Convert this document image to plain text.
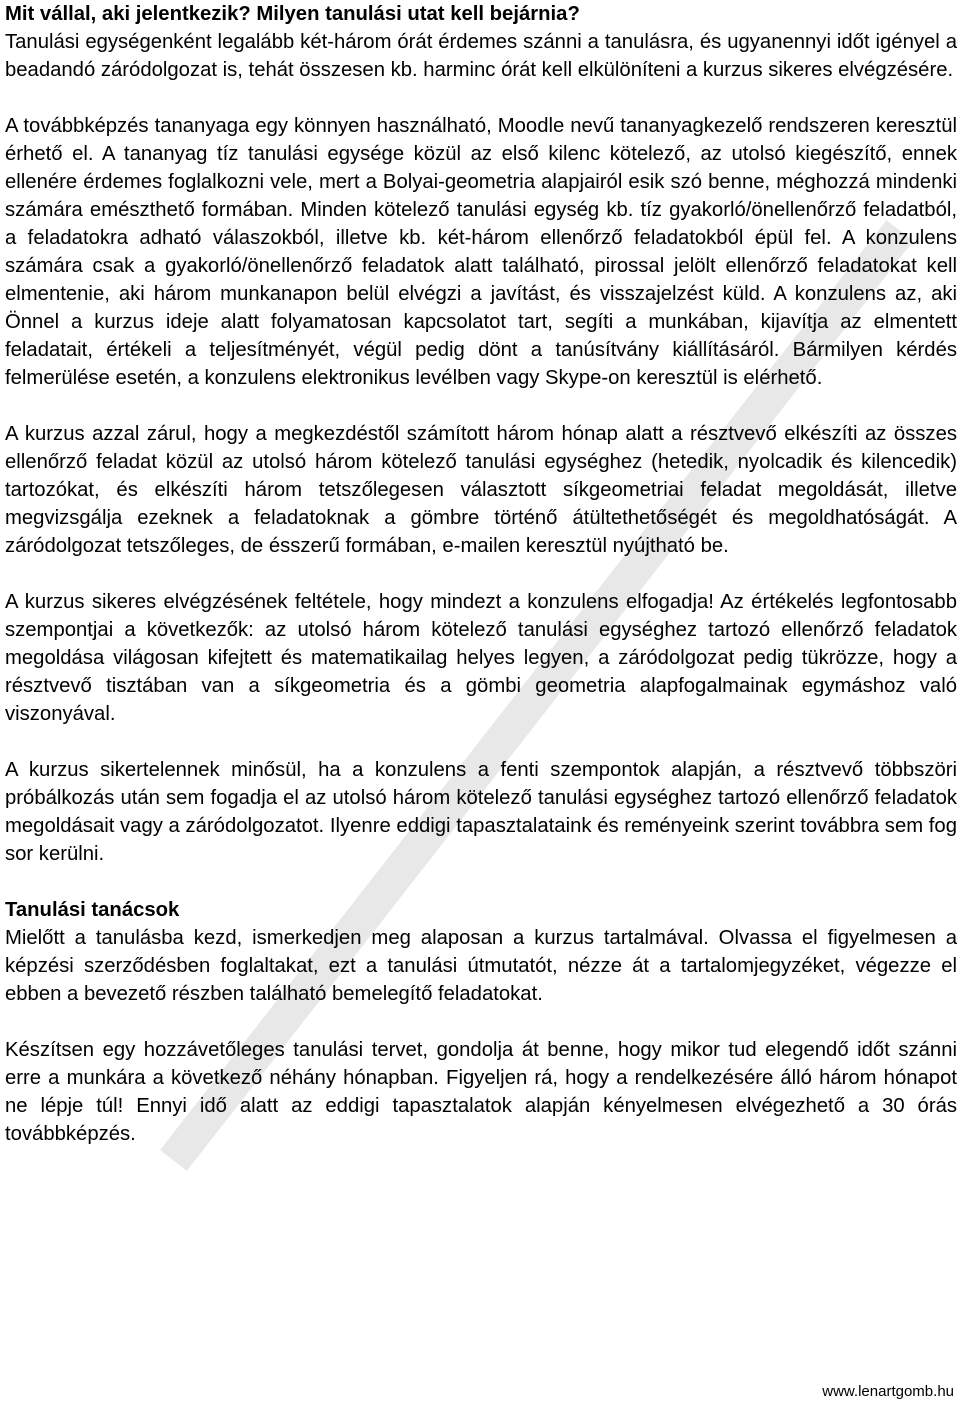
Mit vállal, aki jelentkezik? Milyen tanulási utat kell bejárnia?

Tanulási egységenként legalább két-három órát érdemes szánni a tanulásra, és ugyanennyi időt igényel a beadandó záródolgozat is, tehát összesen kb. harminc órát kell elkülöníteni a kurzus sikeres elvégzésére.

A továbbképzés tananyaga egy könnyen használható, Moodle nevű tananyagkezelő rendszeren keresztül érhető el. A tananyag tíz tanulási egysége közül az első kilenc kötelező, az utolsó kiegészítő, ennek ellenére érdemes foglalkozni vele, mert a Bolyai-geometria alapjairól esik szó benne, méghozzá mindenki számára emészthető formában. Minden kötelező tanulási egység kb. tíz gyakorló/önellenőrző feladatból, a feladatokra adható válaszokból, illetve kb. két-három ellenőrző feladatokból épül fel. A konzulens számára csak a gyakorló/önellenőrző feladatok alatt található, pirossal jelölt ellenőrző feladatokat kell elmentenie, aki három munkanapon belül elvégzi a javítást, és visszajelzést küld. A konzulens az, aki Önnel a kurzus ideje alatt folyamatosan kapcsolatot tart, segíti a munkában, kijavítja az elmentett feladatait, értékeli a teljesítményét, végül pedig dönt a tanúsítvány kiállításáról. Bármilyen kérdés felmerülése esetén, a konzulens elektronikus levélben vagy Skype-on keresztül is elérhető.

A kurzus azzal zárul, hogy a megkezdéstől számított három hónap alatt a résztvevő elkészíti az összes ellenőrző feladat közül az utolsó három kötelező tanulási egységhez (hetedik, nyolcadik és kilencedik) tartozókat, és elkészíti három tetszőlegesen választott síkgeometriai feladat megoldását, illetve megvizsgálja ezeknek a feladatoknak a gömbre történő átültethetőségét és megoldhatóságát. A záródolgozat tetszőleges, de ésszerű formában, e-mailen keresztül nyújtható be.

A kurzus sikeres elvégzésének feltétele, hogy mindezt a konzulens elfogadja! Az értékelés legfontosabb szempontjai a következők: az utolsó három kötelező tanulási egységhez tartozó ellenőrző feladatok megoldása világosan kifejtett és matematikailag helyes legyen, a záródolgozat pedig tükrözze, hogy a résztvevő tisztában van a síkgeometria és a gömbi geometria alapfogalmainak egymáshoz való viszonyával.

A kurzus sikertelennek minősül, ha a konzulens a fenti szempontok alapján, a résztvevő többszöri próbálkozás után sem fogadja el az utolsó három kötelező tanulási egységhez tartozó ellenőrző feladatok megoldásait vagy a záródolgozatot. Ilyenre eddigi tapasztalataink és reményeink szerint továbbra sem fog sor kerülni.

Tanulási tanácsok

Mielőtt a tanulásba kezd, ismerkedjen meg alaposan a kurzus tartalmával. Olvassa el figyelmesen a képzési szerződésben foglaltakat, ezt a tanulási útmutatót, nézze át a tartalomjegyzéket, végezze el ebben a bevezető részben található bemelegítő feladatokat.

Készítsen egy hozzávetőleges tanulási tervet, gondolja át benne, hogy mikor tud elegendő időt szánni erre a munkára a következő néhány hónapban. Figyeljen rá, hogy a rendelkezésére álló három hónapot ne lépje túl! Ennyi idő alatt az eddigi tapasztalatok alapján kényelmesen elvégezhető a 30 órás továbbképzés.

www.lenartgomb.hu
